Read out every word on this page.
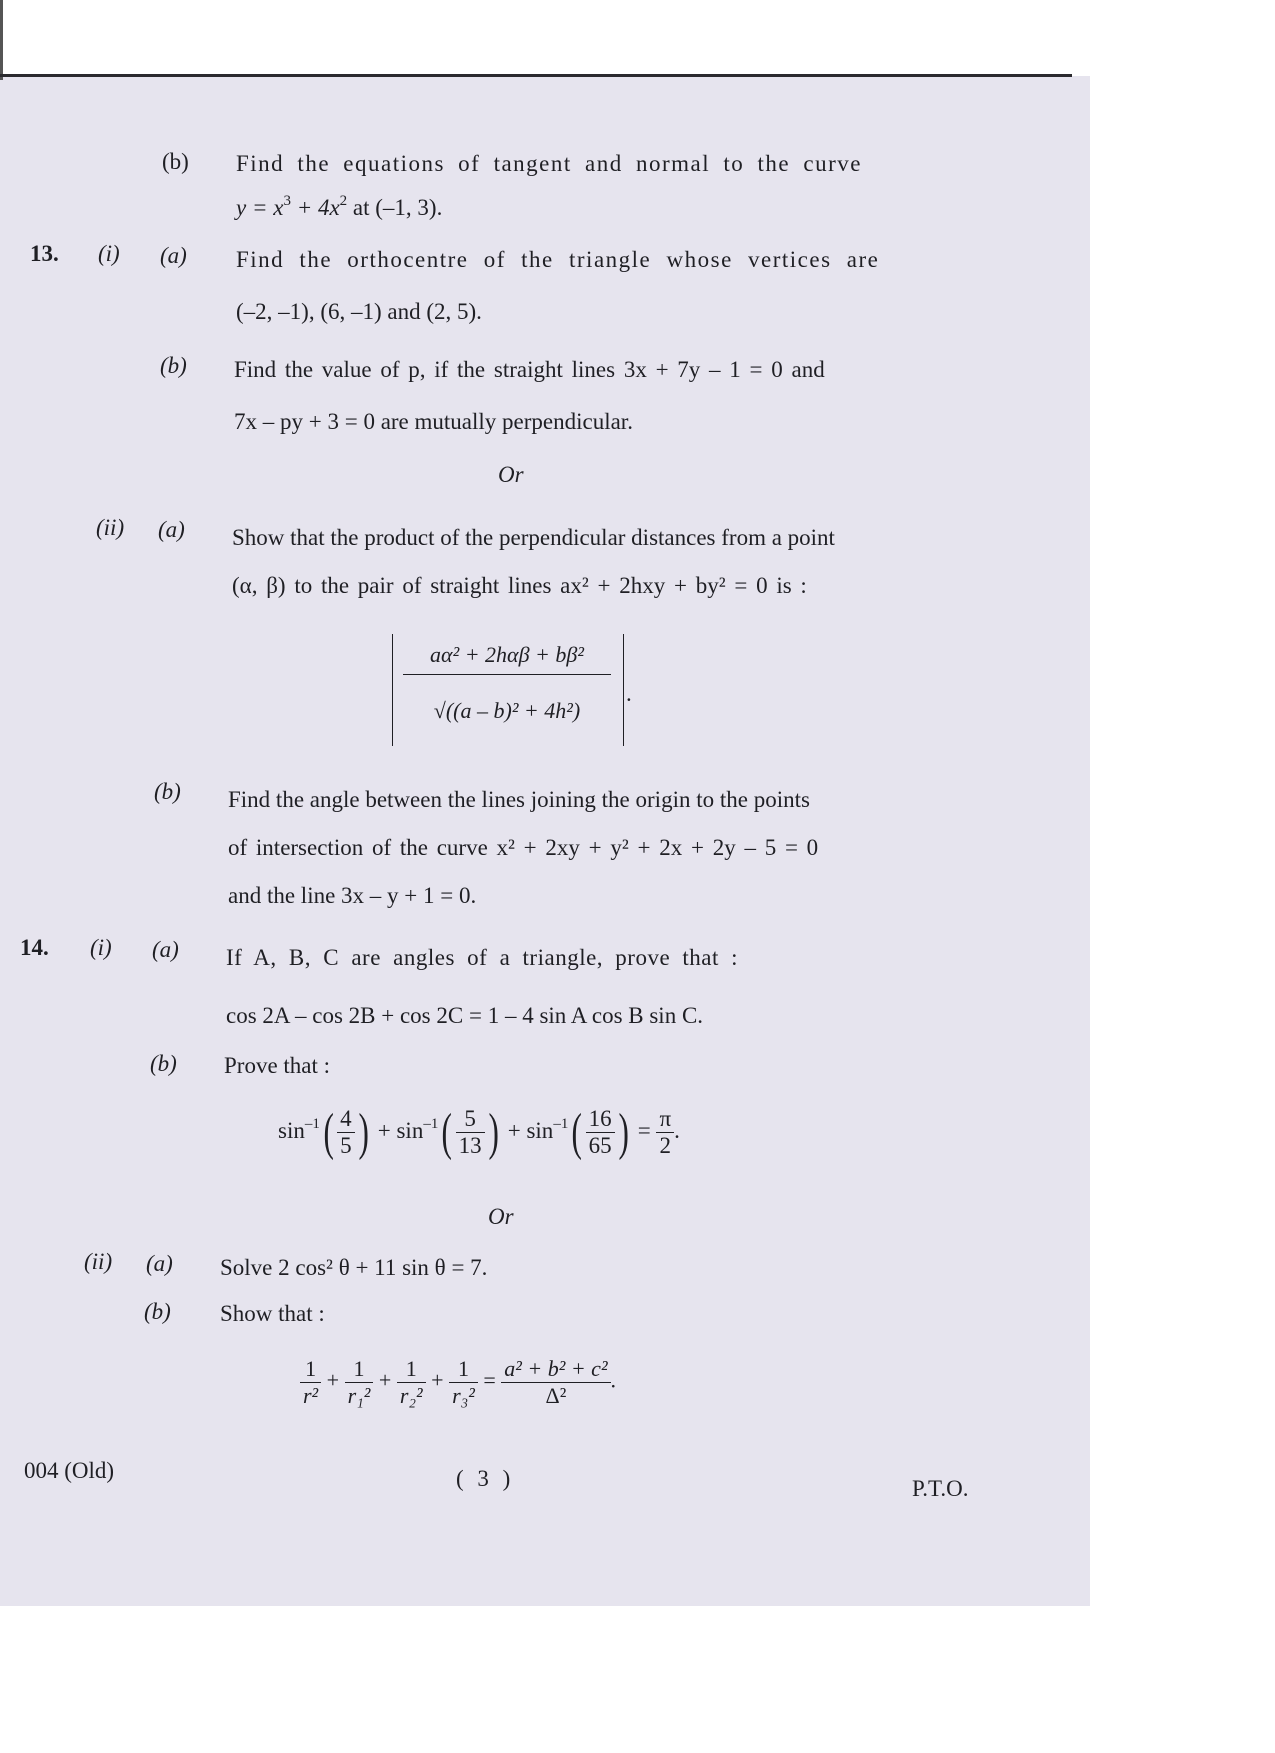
(b) Find the equations of tangent and normal to the curve
$y = x^3 + 4x^2$ at (–1, 3).
13. (i) (a) Find the orthocentre of the triangle whose vertices are
(–2, –1), (6, –1) and (2, 5).
(b) Find the value of p, if the straight lines 3x + 7y – 1 = 0 and
7x – py + 3 = 0 are mutually perpendicular.
Or
(ii) (a) Show that the product of the perpendicular distances from a point
(α, β) to the pair of straight lines ax² + 2hxy + by² = 0 is :
aα² + 2hαβ + bβ²
√((a – b)² + 4h²)
.
(b) Find the angle between the lines joining the origin to the points
of intersection of the curve x² + 2xy + y² + 2x + 2y – 5 = 0
and the line 3x – y + 1 = 0.
14. (i) (a) If A, B, C are angles of a triangle, prove that :
cos 2A – cos 2B + cos 2C = 1 – 4 sin A cos B sin C.
(b) Prove that :
$\sin^{-1}( \frac{4}{5}$ ) + $\sin^{-1}( \frac{5}{13}$ ) + $\sin^{-1}( \frac{16}{65}$ ) = $\frac{\pi}{2}$ .
Or
(ii) (a) Solve 2 cos² θ + 11 sin θ = 7.
(b) Show that :
$\frac{1}{\text{r²}} + \frac{1}{\text{r₁²}} + \frac{1}{\text{r₂²}} + \frac{1}{\text{r₃²}} = \frac{\text{a² + b² + c²}}{\text{Δ²}}$ .
004 (Old)	( 3 )	P.T.O.
